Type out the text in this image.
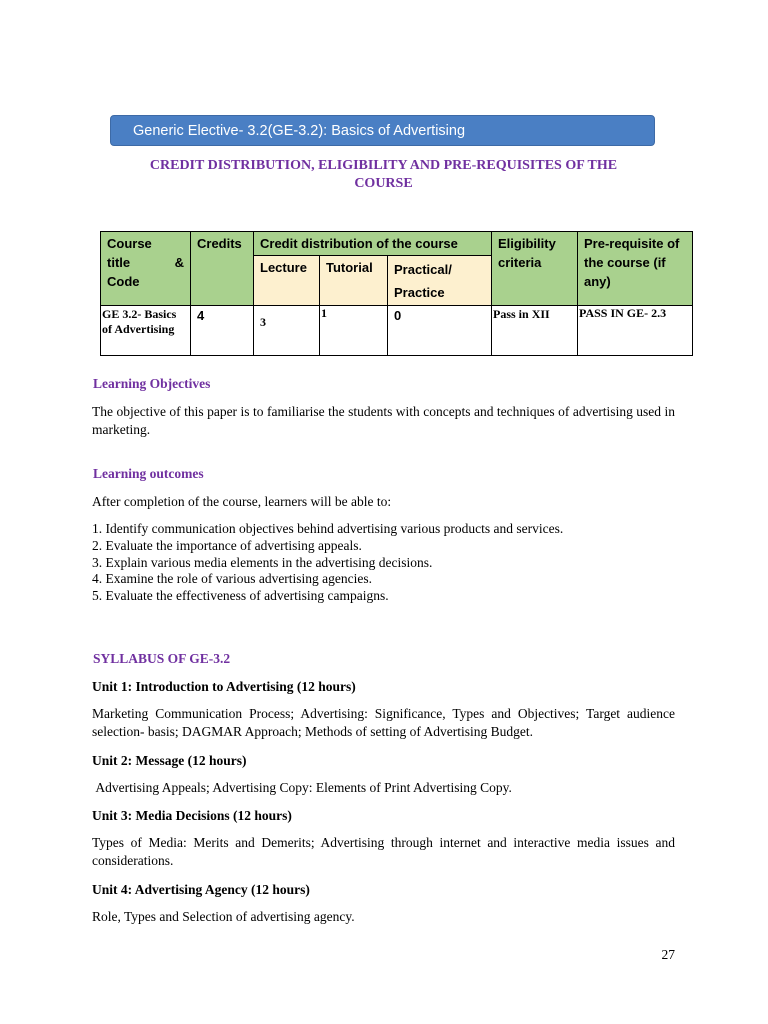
Generic Elective- 3.2(GE-3.2): Basics of Advertising
CREDIT DISTRIBUTION, ELIGIBILITY AND PRE-REQUISITES OF THE
COURSE
Course
title &
Code	Credits	Credit distribution of the course			Eligibility criteria	Pre-requisite of the course (if any)
		Lecture	Tutorial	Practical/
Practice		

GE 3.2- Basics
of Advertising	4	3	1	0	Pass in XII	PASS IN GE- 2.3
Learning Objectives
The objective of this paper is to familiarise the students with concepts and techniques of advertising used in marketing.
Learning outcomes
After completion of the course, learners will be able to:
1. Identify communication objectives behind advertising various products and services.
2. Evaluate the importance of advertising appeals.
3. Explain various media elements in the advertising decisions.
4. Examine the role of various advertising agencies.
5. Evaluate the effectiveness of advertising campaigns.
SYLLABUS OF GE-3.2
Unit 1: Introduction to Advertising (12 hours)
Marketing Communication Process; Advertising: Significance, Types and Objectives; Target audience selection- basis; DAGMAR Approach; Methods of setting of Advertising Budget.
Unit 2: Message (12 hours)
Advertising Appeals; Advertising Copy: Elements of Print Advertising Copy.
Unit 3: Media Decisions (12 hours)
Types of Media: Merits and Demerits; Advertising through internet and interactive media issues and considerations.
Unit 4: Advertising Agency (12 hours)
Role, Types and Selection of advertising agency.
27
